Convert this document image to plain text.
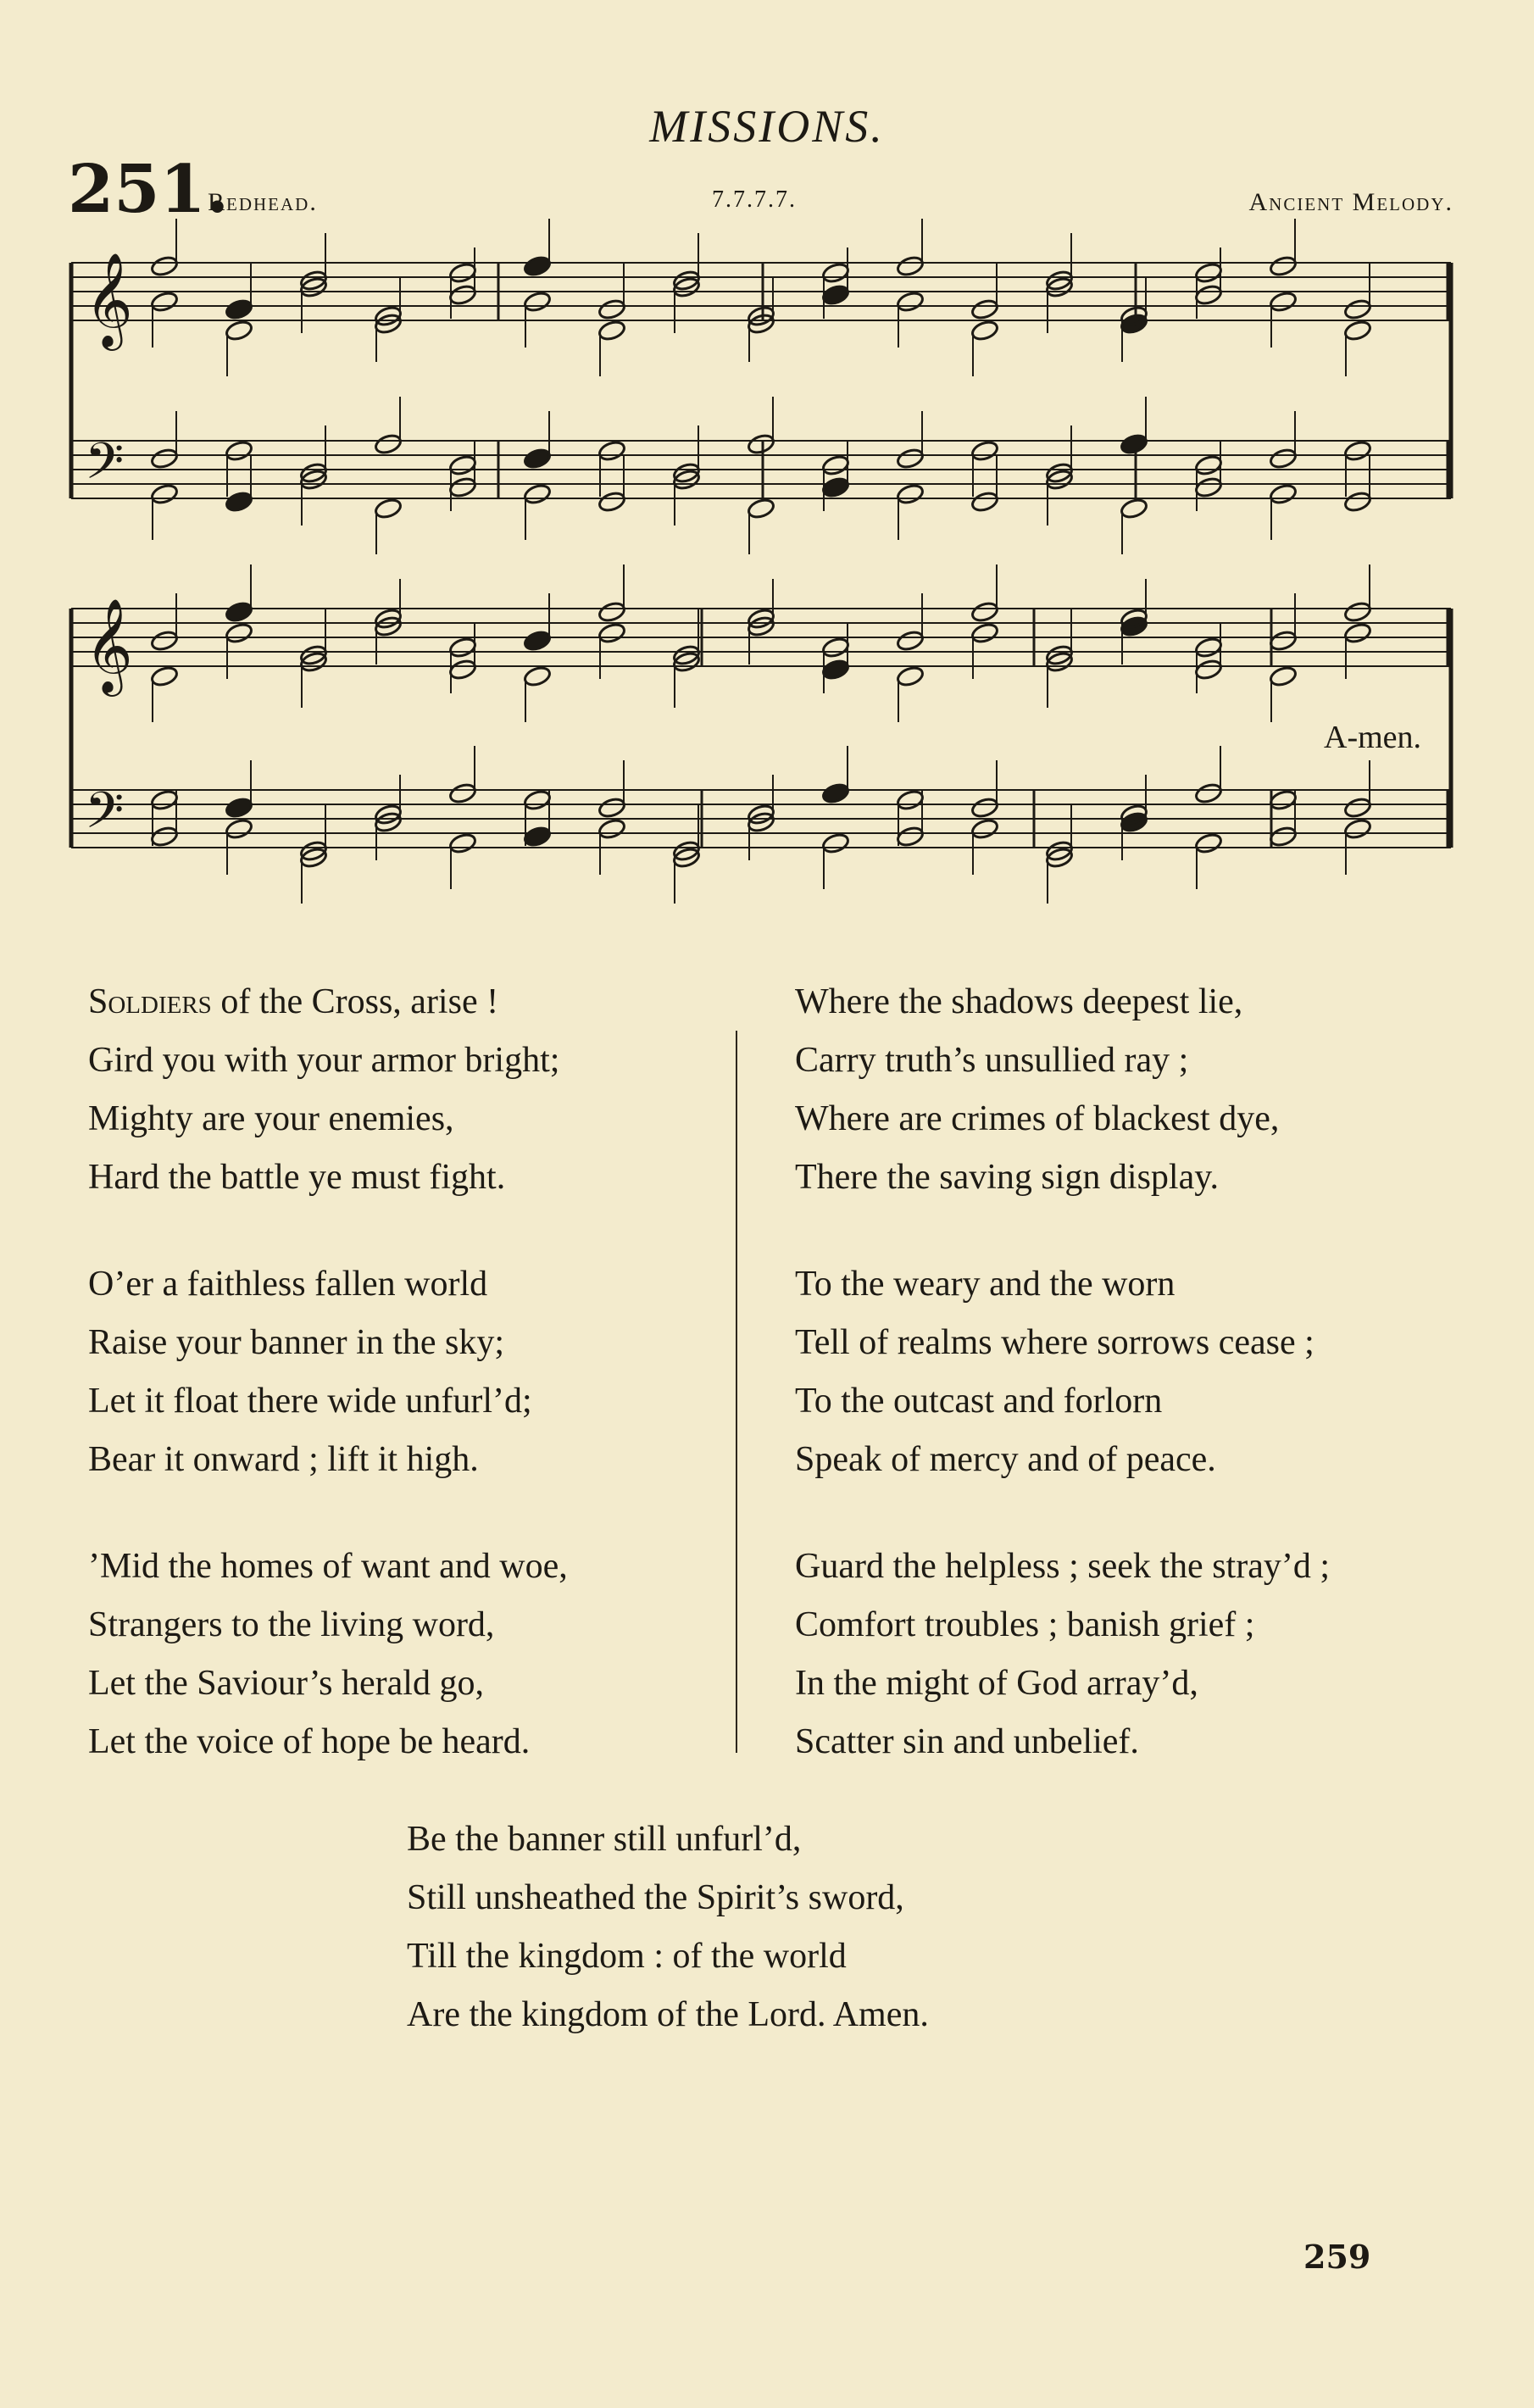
MISSIONS.
251.
Redhead.	7.7.7.7.	Ancient Melody.
𝄞
𝄞
𝄢
𝄢
A-men.
Soldiers of the Cross, arise !
Gird you with your armor bright;
Mighty are your enemies,
Hard the battle ye must fight.
O’er a faithless fallen world
Raise your banner in the sky;
Let it float there wide unfurl’d;
Bear it onward ; lift it high.
’Mid the homes of want and woe,
Strangers to the living word,
Let the Saviour’s herald go,
Let the voice of hope be heard.
Where the shadows deepest lie,
Carry truth’s unsullied ray ;
Where are crimes of blackest dye,
There the saving sign display.
To the weary and the worn
Tell of realms where sorrows cease ;
To the outcast and forlorn
Speak of mercy and of peace.
Guard the helpless ; seek the stray’d ;
Comfort troubles ; banish grief ;
In the might of God array’d,
Scatter sin and unbelief.
Be the banner still unfurl’d,
Still unsheathed the Spirit’s sword,
Till the kingdom : of the world
Are the kingdom of the Lord. Amen.
259
